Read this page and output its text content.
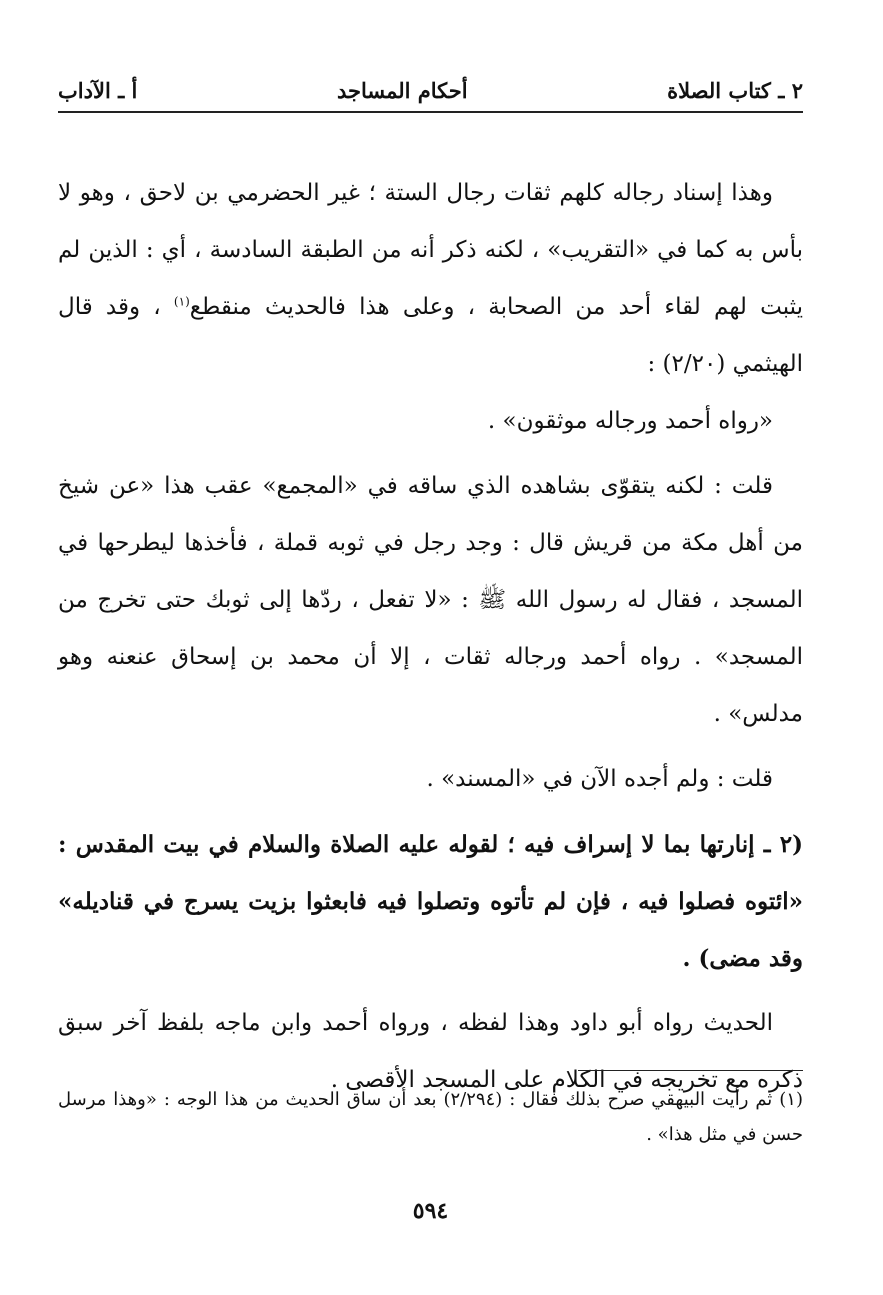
٢ ـ كتاب الصلاة
أحكام المساجد
أ ـ الآداب

وهذا إسناد رجاله كلهم ثقات رجال الستة ؛ غير الحضرمي بن لاحق ، وهو لا بأس به كما في «التقريب» ، لكنه ذكر أنه من الطبقة السادسة ، أي : الذين لم يثبت لهم لقاء أحد من الصحابة ، وعلى هذا فالحديث منقطع$^{(١)}$ ، وقد قال الهيثمي (٢/٢٠) :

«رواه أحمد ورجاله موثقون» .

قلت : لكنه يتقوّى بشاهده الذي ساقه في «المجمع» عقب هذا «عن شيخ من أهل مكة من قريش قال : وجد رجل في ثوبه قملة ، فأخذها ليطرحها في المسجد ، فقال له رسول الله ﷺ : «لا تفعل ، ردّها إلى ثوبك حتى تخرج من المسجد» . رواه أحمد ورجاله ثقات ، إلا أن محمد بن إسحاق عنعنه وهو مدلس» .

قلت : ولم أجده الآن في «المسند» .

(٢ ـ إنارتها بما لا إسراف فيه ؛ لقوله عليه الصلاة والسلام في بيت المقدس : «ائتوه فصلوا فيه ، فإن لم تأتوه وتصلوا فيه فابعثوا بزيت يسرج في قناديله» وقد مضى) .

الحديث رواه أبو داود وهذا لفظه ، ورواه أحمد وابن ماجه بلفظ آخر سبق ذكره مع تخريجه في الكلام على المسجد الأقصى .

(١) ثم رأيت البيهقي صرح بذلك فقال : (٢/٢٩٤) بعد أن ساق الحديث من هذا الوجه : «وهذا مرسل حسن في مثل هذا» .

٥٩٤
